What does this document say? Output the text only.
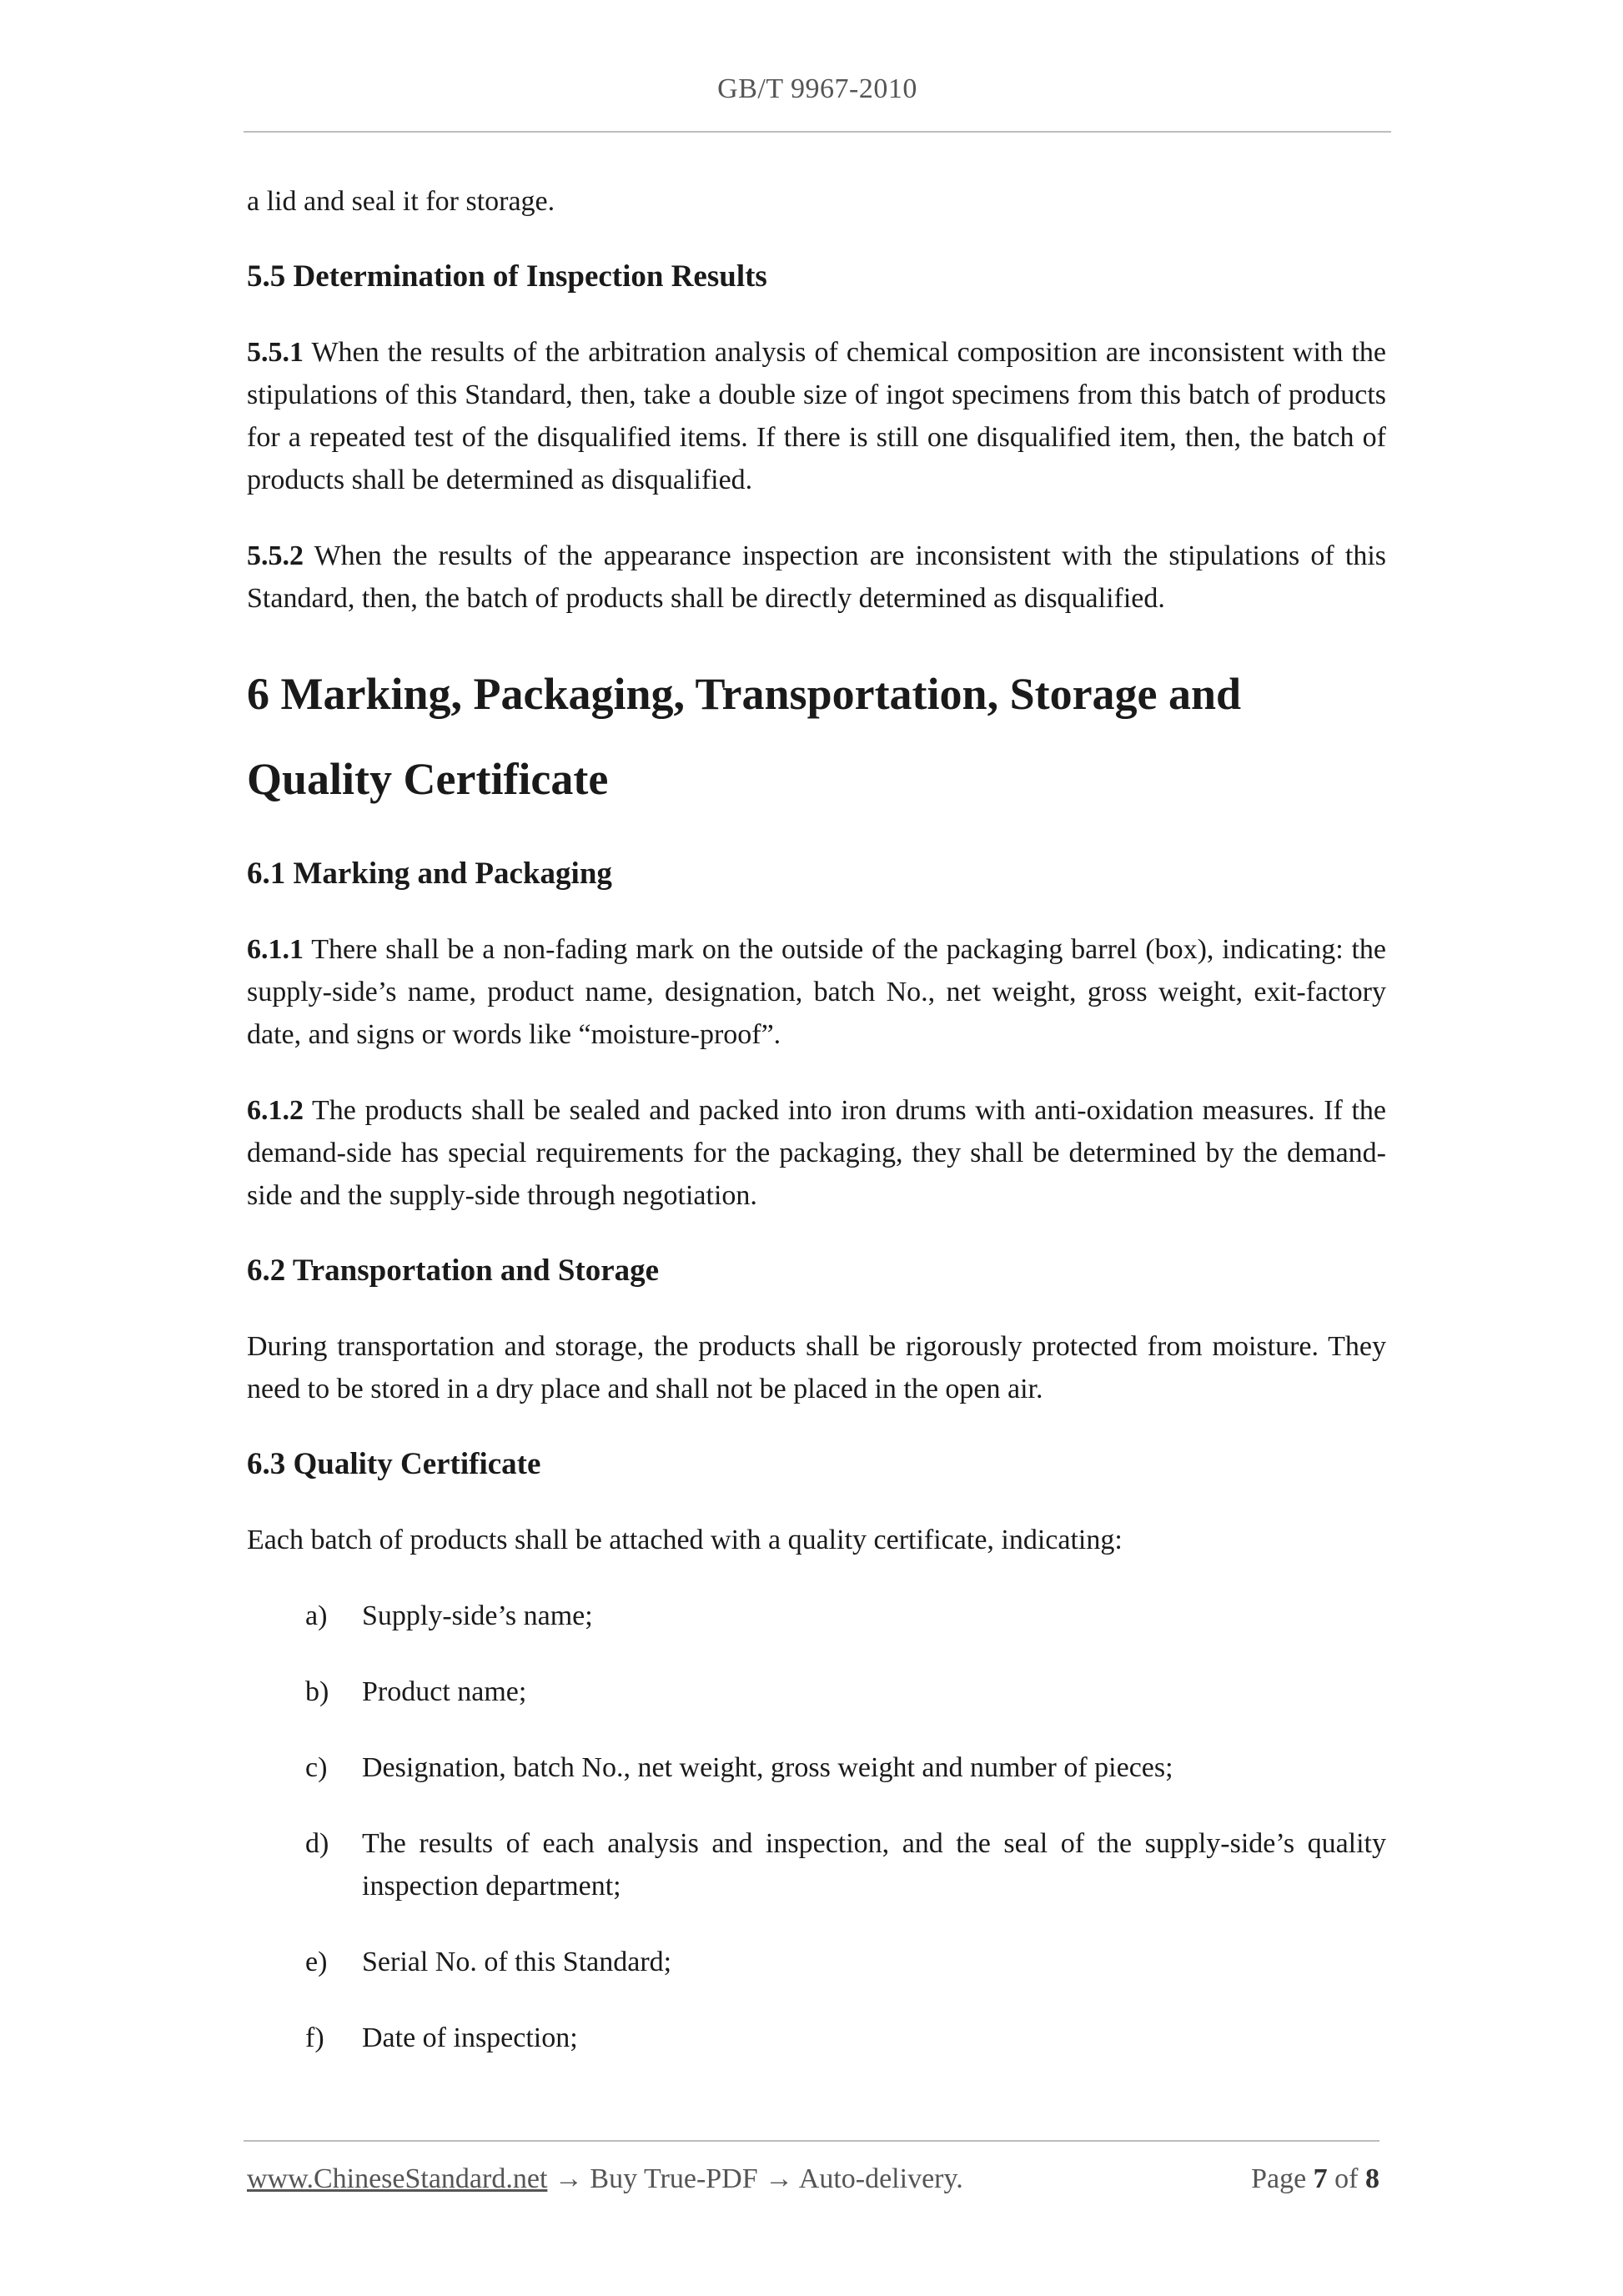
GB/T 9967-2010

a lid and seal it for storage.

5.5 Determination of Inspection Results

5.5.1 When the results of the arbitration analysis of chemical composition are inconsistent with the stipulations of this Standard, then, take a double size of ingot specimens from this batch of products for a repeated test of the disqualified items. If there is still one disqualified item, then, the batch of products shall be determined as disqualified.

5.5.2 When the results of the appearance inspection are inconsistent with the stipulations of this Standard, then, the batch of products shall be directly determined as disqualified.

6 Marking, Packaging, Transportation, Storage and Quality Certificate
6.1 Marking and Packaging

6.1.1 There shall be a non-fading mark on the outside of the packaging barrel (box), indicating: the supply-side’s name, product name, designation, batch No., net weight, gross weight, exit-factory date, and signs or words like “moisture-proof”.

6.1.2 The products shall be sealed and packed into iron drums with anti-oxidation measures. If the demand-side has special requirements for the packaging, they shall be determined by the demand-side and the supply-side through negotiation.

6.2 Transportation and Storage

During transportation and storage, the products shall be rigorously protected from moisture. They need to be stored in a dry place and shall not be placed in the open air.

6.3 Quality Certificate

Each batch of products shall be attached with a quality certificate, indicating:

a)	Supply-side’s name;
b)	Product name;
c)	Designation, batch No., net weight, gross weight and number of pieces;
d)	The results of each analysis and inspection, and the seal of the supply-side’s quality inspection department;
e)	Serial No. of this Standard;
f)	Date of inspection;
www.ChineseStandard.net → Buy True-PDF → Auto-delivery.	Page 7 of 8
